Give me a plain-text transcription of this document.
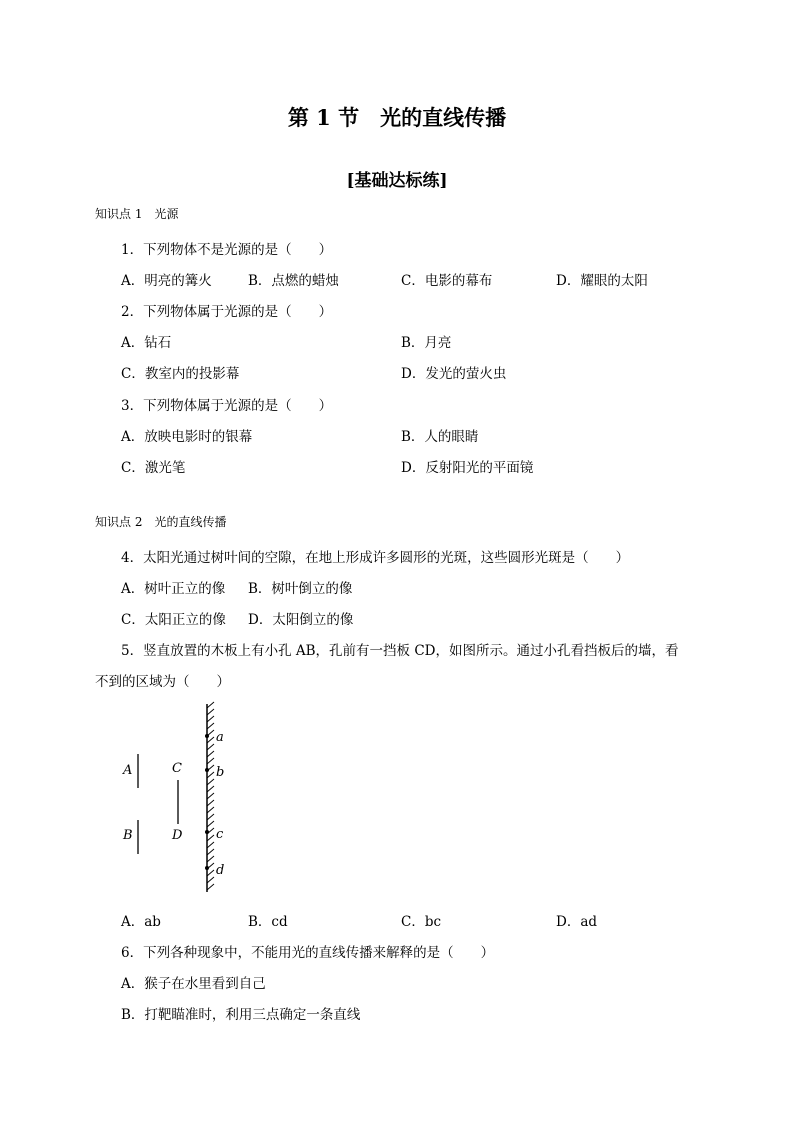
第 1 节　光的直线传播
[基础达标练]
知识点 1　光源
1．下列物体不是光源的是（　　）
A．明亮的篝火	B．点燃的蜡烛	C．电影的幕布	D．耀眼的太阳
2．下列物体属于光源的是（　　）
A．钻石	B．月亮
C．教室内的投影幕	D．发光的萤火虫
3．下列物体属于光源的是（　　）
A．放映电影时的银幕	B．人的眼睛
C．激光笔	D．反射阳光的平面镜
知识点 2　光的直线传播
4．太阳光通过树叶间的空隙，在地上形成许多圆形的光斑，这些圆形光斑是（　　）
A．树叶正立的像 B．树叶倒立的像
C．太阳正立的像 D．太阳倒立的像
5．竖直放置的木板上有小孔 AB，孔前有一挡板 CD，如图所示。通过小孔看挡板后的墙，看
不到的区域为（　　）
A
B
C
D
a
b
c
d
A．ab	B．cd	C．bc	D．ad
6．下列各种现象中，不能用光的直线传播来解释的是（　　）
A．猴子在水里看到自己
B．打靶瞄准时，利用三点确定一条直线
